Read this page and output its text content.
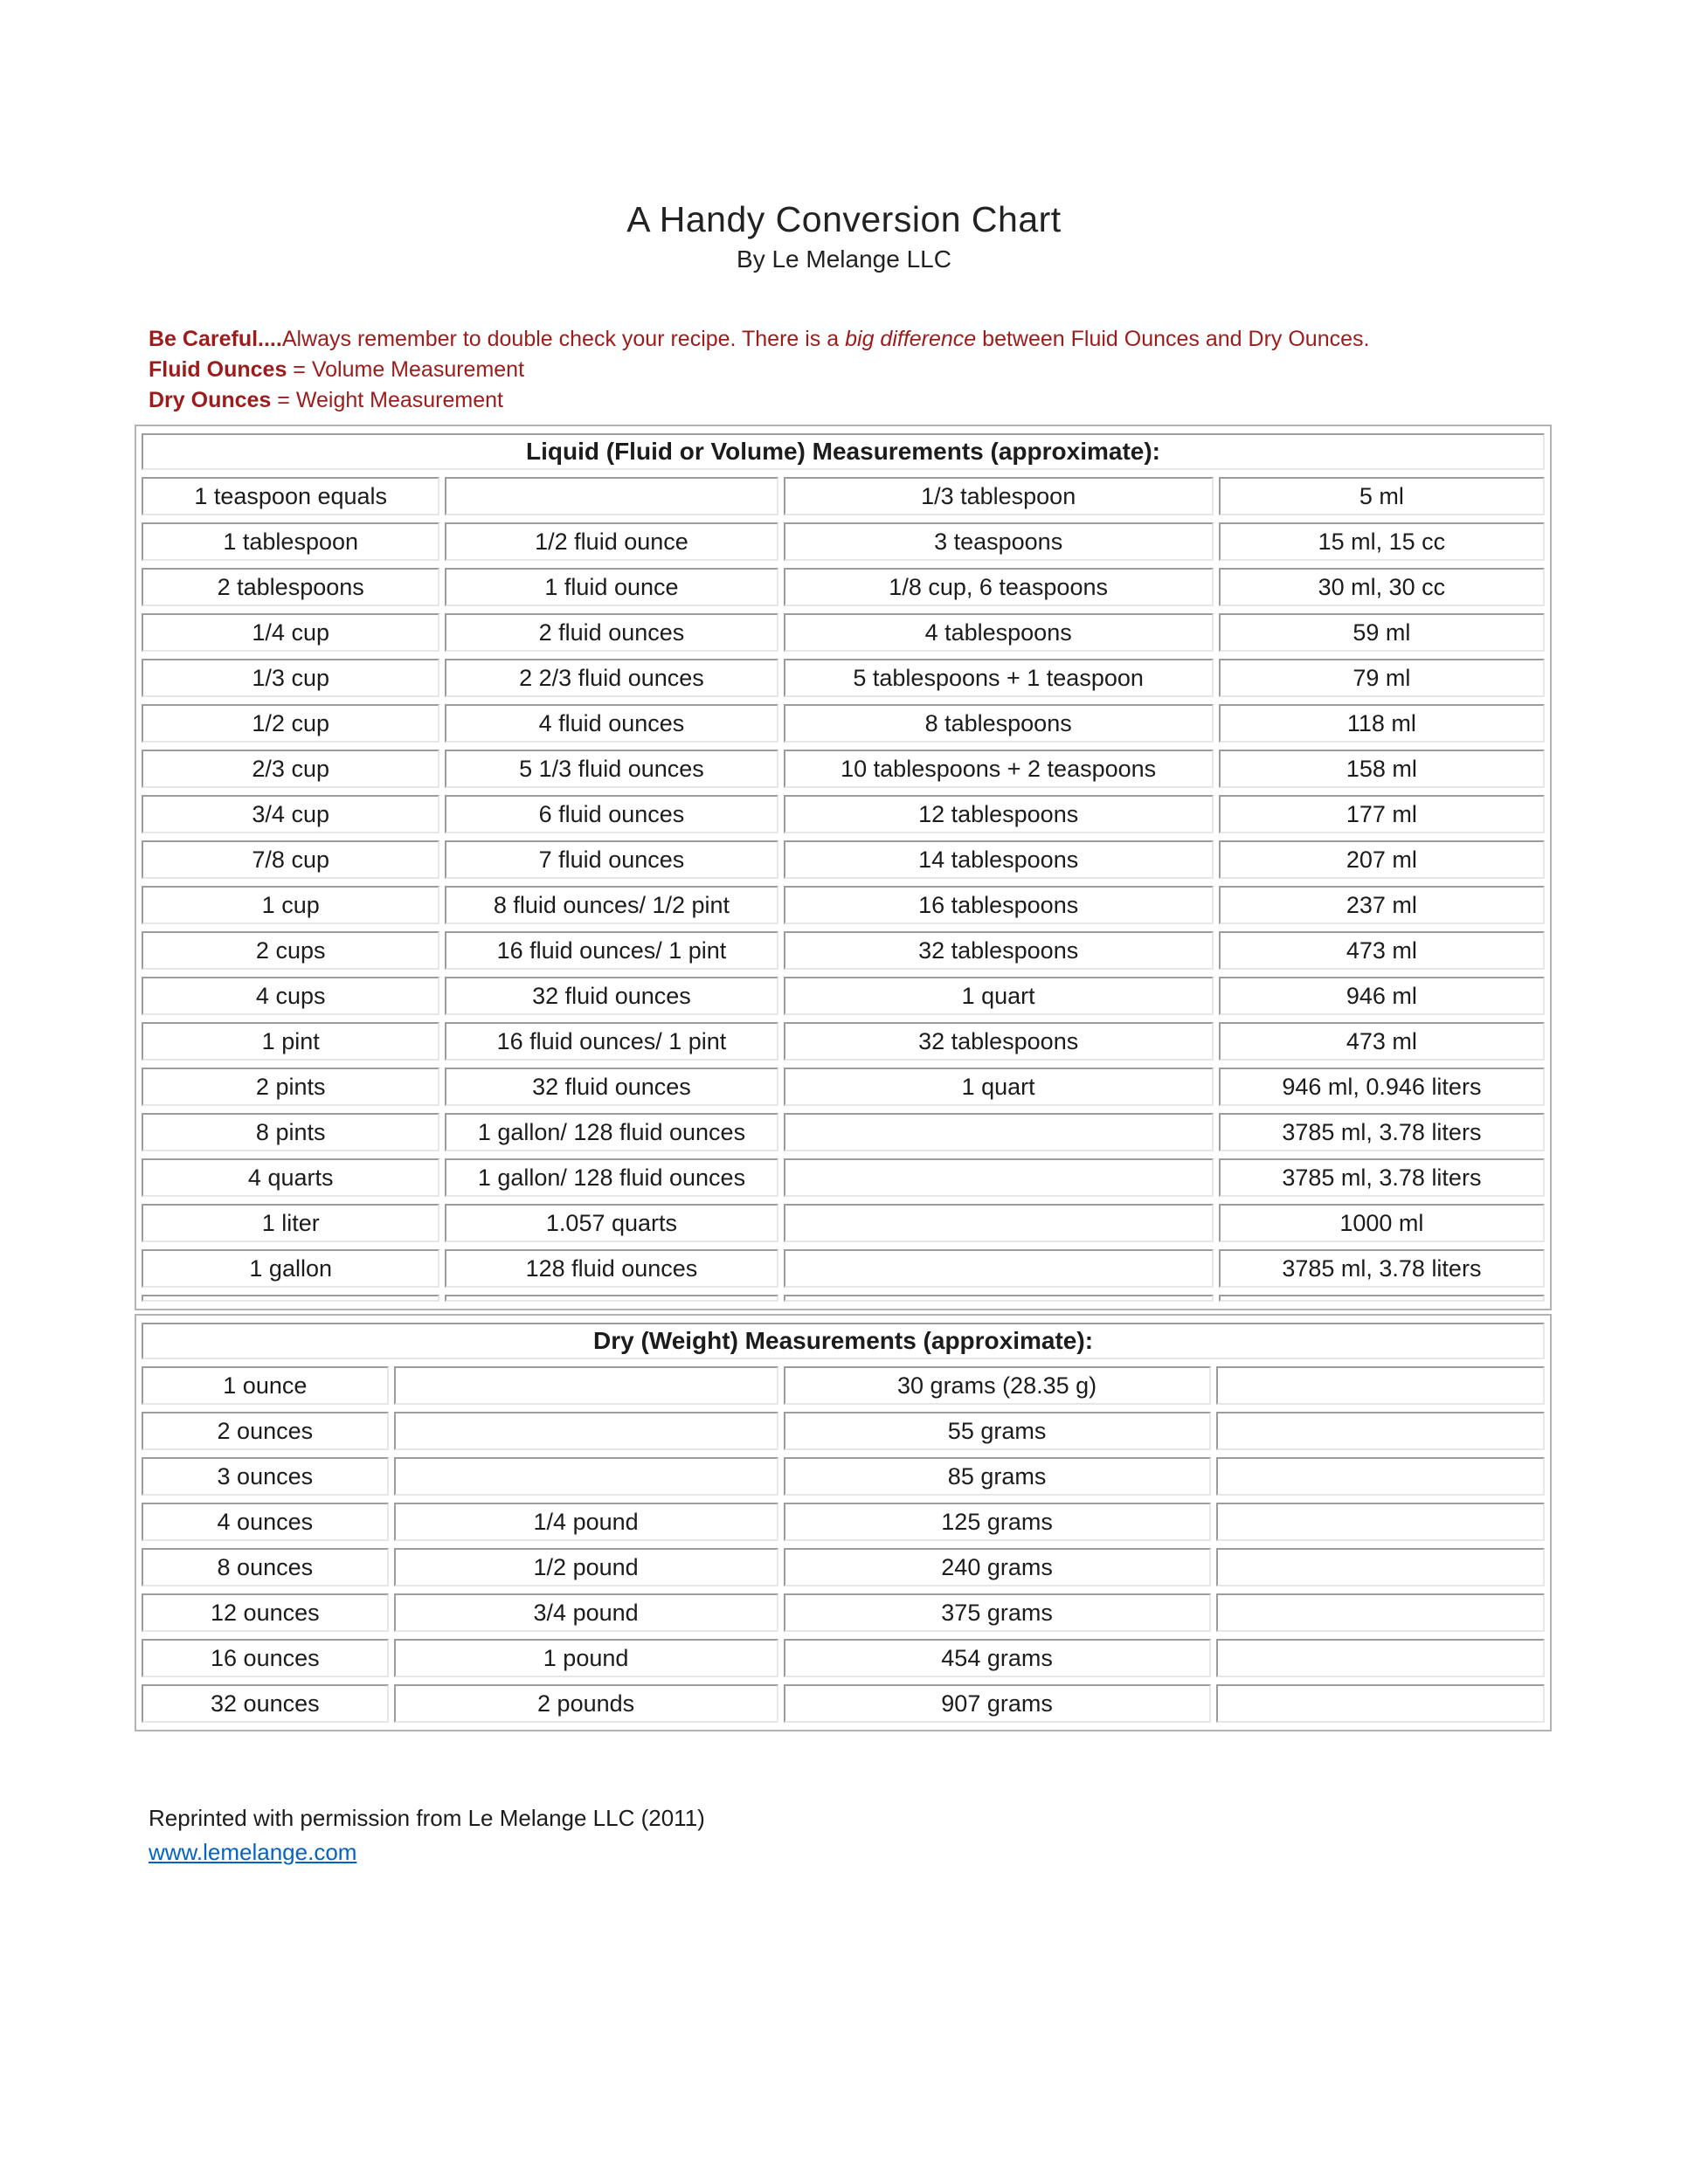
A Handy Conversion Chart
By Le Melange LLC

Be Careful....Always remember to double check your recipe. There is a big difference between Fluid Ounces and Dry Ounces.

Fluid Ounces = Volume Measurement

Dry Ounces = Weight Measurement

Liquid (Fluid or Volume) Measurements (approximate):			
1 teaspoon equals		1/3 tablespoon	5 ml
1 tablespoon	1/2 fluid ounce	3 teaspoons	15 ml, 15 cc
2 tablespoons	1 fluid ounce	1/8 cup, 6 teaspoons	30 ml, 30 cc
1/4 cup	2 fluid ounces	4 tablespoons	59 ml
1/3 cup	2 2/3 fluid ounces	5 tablespoons + 1 teaspoon	79 ml
1/2 cup	4 fluid ounces	8 tablespoons	118 ml
2/3 cup	5 1/3 fluid ounces	10 tablespoons + 2 teaspoons	158 ml
3/4 cup	6 fluid ounces	12 tablespoons	177 ml
7/8 cup	7 fluid ounces	14 tablespoons	207 ml
1 cup	8 fluid ounces/ 1/2 pint	16 tablespoons	237 ml
2 cups	16 fluid ounces/ 1 pint	32 tablespoons	473 ml
4 cups	32 fluid ounces	1 quart	946 ml
1 pint	16 fluid ounces/ 1 pint	32 tablespoons	473 ml
2 pints	32 fluid ounces	1 quart	946 ml, 0.946 liters
8 pints	1 gallon/ 128 fluid ounces		3785 ml, 3.78 liters
4 quarts	1 gallon/ 128 fluid ounces		3785 ml, 3.78 liters
1 liter	1.057 quarts		1000 ml
1 gallon	128 fluid ounces		3785 ml, 3.78 liters

Dry (Weight) Measurements (approximate):			
1 ounce		30 grams (28.35 g)	
2 ounces		55 grams	
3 ounces		85 grams	
4 ounces	1/4 pound	125 grams	
8 ounces	1/2 pound	240 grams	
12 ounces	3/4 pound	375 grams	
16 ounces	1 pound	454 grams	
32 ounces	2 pounds	907 grams	

Reprinted with permission from Le Melange LLC (2011)

www.lemelange.com
